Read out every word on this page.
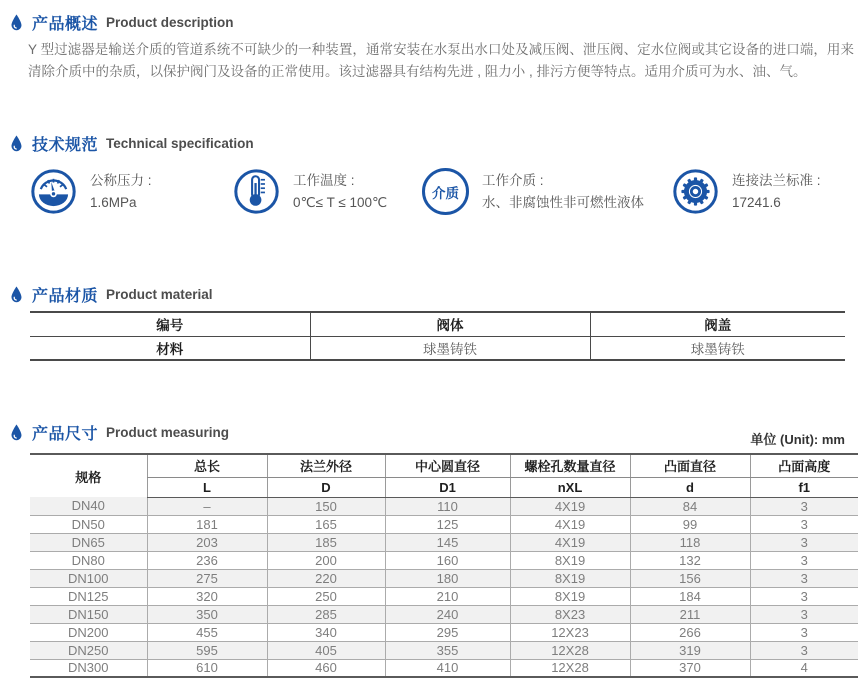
产品概述 Product description
Y 型过滤器是输送介质的管道系统不可缺少的一种装置，通常安装在水泵出水口处及减压阀、泄压阀、定水位阀或其它设备的进口端，用来清除介质中的杂质，以保护阀门及设备的正常使用。该过滤器具有结构先进 , 阻力小 , 排污方便等特点。适用介质可为水、油、气。
技术规范 Technical specification
公称压力 :
1.6MPa
工作温度 :
0℃≤ T ≤ 100℃
介质
工作介质 :
水、非腐蚀性非可燃性液体
连接法兰标准 :
17241.6
产品材质 Product material
编号	阀体	阀盖
材料	球墨铸铁	球墨铸铁
产品尺寸 Product measuring	单位 (Unit): mm
规格	总长	法兰外径	中心圆直径	螺栓孔数量直径	凸面直径	凸面高度
	L	D	D1	nXL	d	f1
DN40	–	150	110	4X19	84	3
DN50	181	165	125	4X19	99	3
DN65	203	185	145	4X19	118	3
DN80	236	200	160	8X19	132	3
DN100	275	220	180	8X19	156	3
DN125	320	250	210	8X19	184	3
DN150	350	285	240	8X23	211	3
DN200	455	340	295	12X23	266	3
DN250	595	405	355	12X28	319	3
DN300	610	460	410	12X28	370	4
